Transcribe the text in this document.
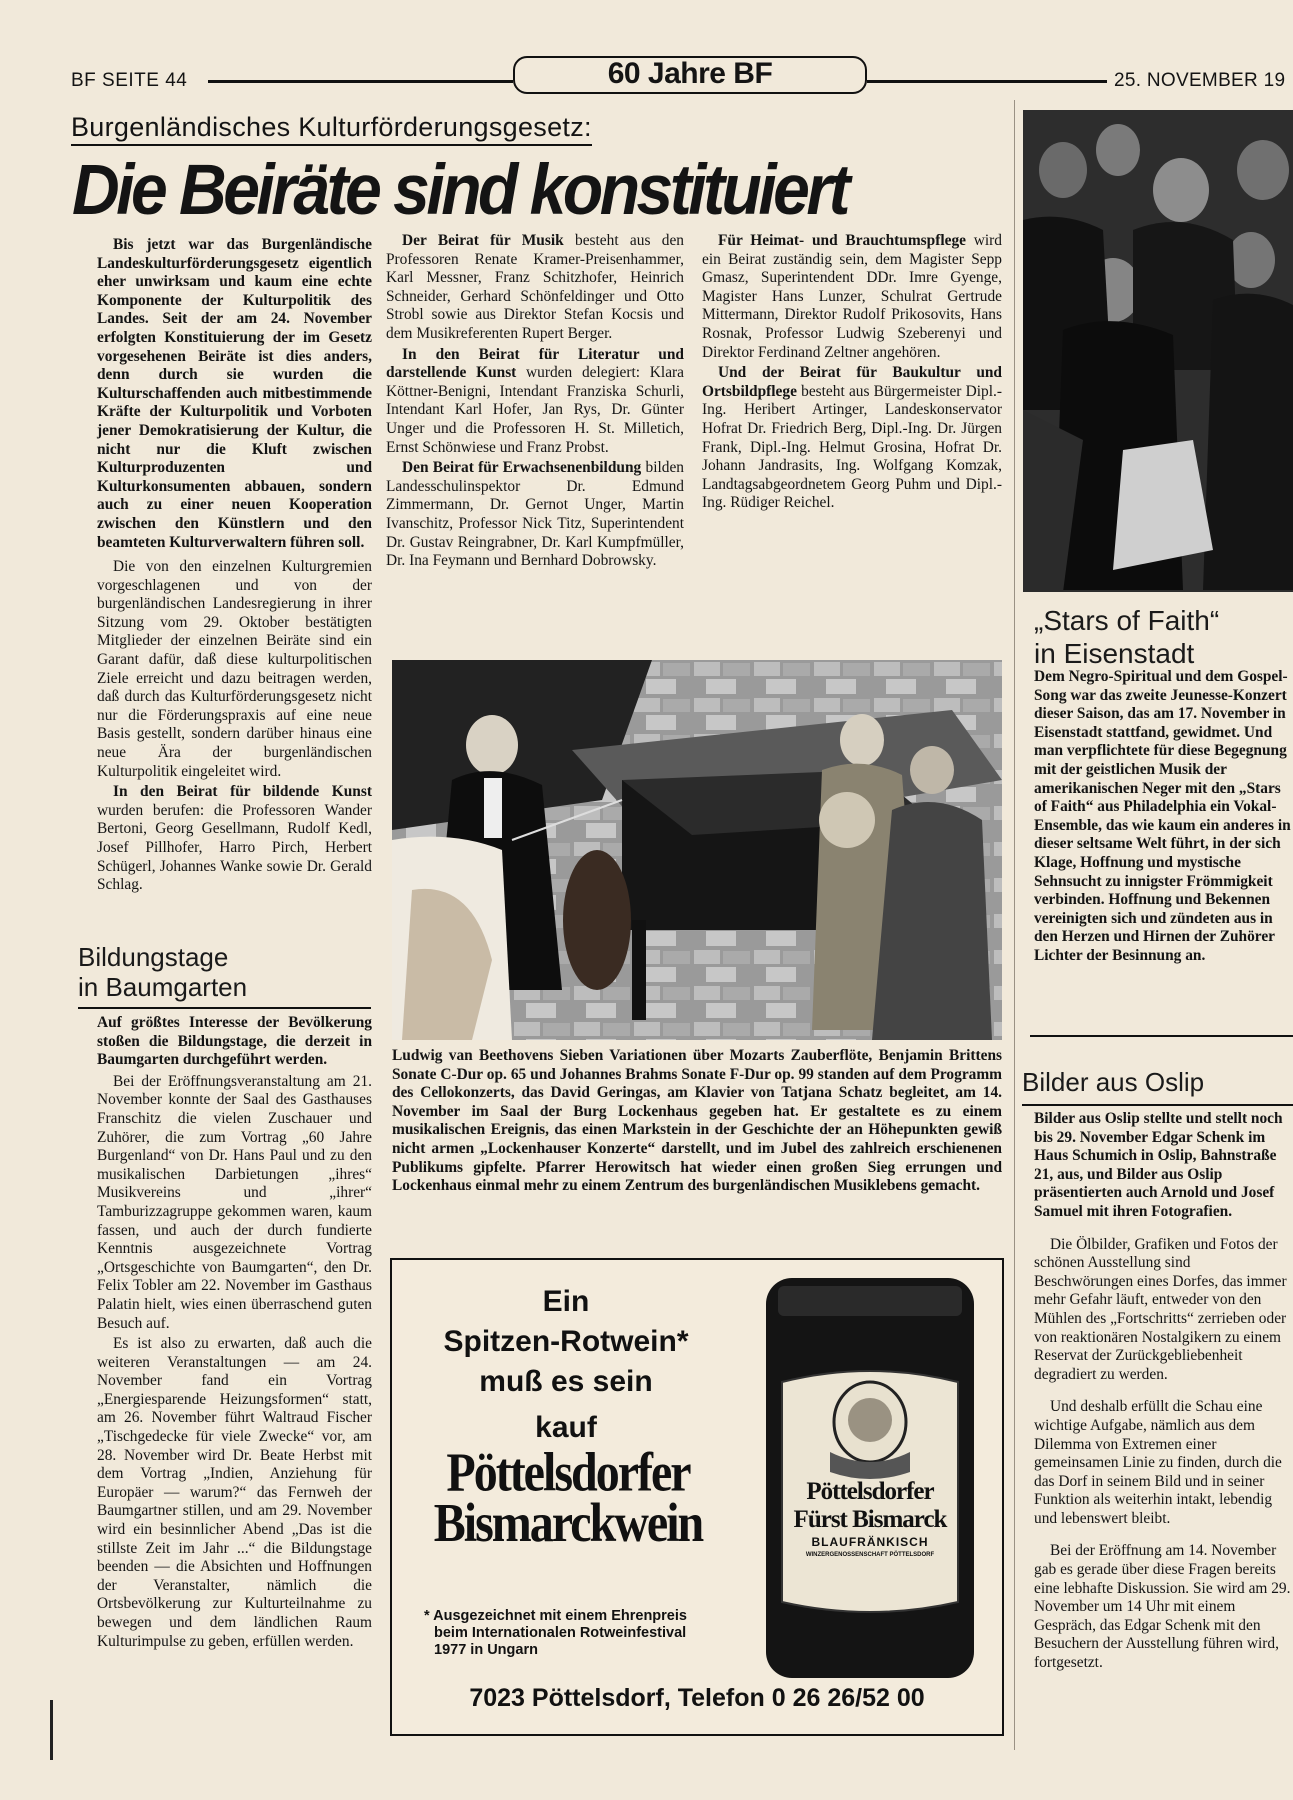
BF SEITE 44	60 Jahre BF	25. NOVEMBER 19
Burgenländisches Kulturförderungsgesetz:
Die Beiräte sind konstituiert

Bis jetzt war das Burgenländische Landeskulturförderungsgesetz eigentlich eher unwirksam und kaum eine echte Komponente der Kulturpolitik des Landes. Seit der am 24. November erfolgten Konstituierung der im Gesetz vorgesehenen Beiräte ist dies anders, denn durch sie wurden die Kulturschaffenden auch mitbestimmende Kräfte der Kulturpolitik und Vorboten jener Demokratisierung der Kultur, die nicht nur die Kluft zwischen Kulturproduzenten und Kulturkonsumenten abbauen, sondern auch zu einer neuen Kooperation zwischen den Künstlern und den beamteten Kulturverwaltern führen soll.

Die von den einzelnen Kulturgremien vorgeschlagenen und von der burgenländischen Landesregierung in ihrer Sitzung vom 29. Oktober bestätigten Mitglieder der einzelnen Beiräte sind ein Garant dafür, daß diese kulturpolitischen Ziele erreicht und dazu beitragen werden, daß durch das Kulturförderungsgesetz nicht nur die Förderungspraxis auf eine neue Basis gestellt, sondern darüber hinaus eine neue Ära der burgenländischen Kulturpolitik eingeleitet wird.

In den Beirat für bildende Kunst wurden berufen: die Professoren Wander Bertoni, Georg Gesellmann, Rudolf Kedl, Josef Pillhofer, Harro Pirch, Herbert Schügerl, Johannes Wanke sowie Dr. Gerald Schlag.

Der Beirat für Musik besteht aus den Professoren Renate Kramer-Preisenhammer, Karl Messner, Franz Schitzhofer, Heinrich Schneider, Gerhard Schönfeldinger und Otto Strobl sowie aus Direktor Stefan Kocsis und dem Musikreferenten Rupert Berger.

In den Beirat für Literatur und darstellende Kunst wurden delegiert: Klara Köttner-Benigni, Intendant Franziska Schurli, Intendant Karl Hofer, Jan Rys, Dr. Günter Unger und die Professoren H. St. Milletich, Ernst Schönwiese und Franz Probst.

Den Beirat für Erwachsenenbildung bilden Landesschulinspektor Dr. Edmund Zimmermann, Dr. Gernot Unger, Martin Ivanschitz, Professor Nick Titz, Superintendent Dr. Gustav Reingrabner, Dr. Karl Kumpfmüller, Dr. Ina Feymann und Bernhard Dobrowsky.

Für Heimat- und Brauchtumspflege wird ein Beirat zuständig sein, dem Magister Sepp Gmasz, Superintendent DDr. Imre Gyenge, Magister Hans Lunzer, Schulrat Gertrude Mittermann, Direktor Rudolf Prikosovits, Hans Rosnak, Professor Ludwig Szeberenyi und Direktor Ferdinand Zeltner angehören.

Und der Beirat für Baukultur und Ortsbildpflege besteht aus Bürgermeister Dipl.-Ing. Heribert Artinger, Landeskonservator Hofrat Dr. Friedrich Berg, Dipl.-Ing. Dr. Jürgen Frank, Dipl.-Ing. Helmut Grosina, Hofrat Dr. Johann Jandrasits, Ing. Wolfgang Komzak, Landtagsabgeordnetem Georg Puhm und Dipl.-Ing. Rüdiger Reichel.

Bildungstage
in Baumgarten

Auf größtes Interesse der Bevölkerung stoßen die Bildungstage, die derzeit in Baumgarten durchgeführt werden.

Bei der Eröffnungsveranstaltung am 21. November konnte der Saal des Gasthauses Franschitz die vielen Zuschauer und Zuhörer, die zum Vortrag „60 Jahre Burgenland“ von Dr. Hans Paul und zu den musikalischen Darbietungen „ihres“ Musikvereins und „ihrer“ Tamburizzagruppe gekommen waren, kaum fassen, und auch der durch fundierte Kenntnis ausgezeichnete Vortrag „Ortsgeschichte von Baumgarten“, den Dr. Felix Tobler am 22. November im Gasthaus Palatin hielt, wies einen überraschend guten Besuch auf.

Es ist also zu erwarten, daß auch die weiteren Veranstaltungen — am 24. November fand ein Vortrag „Energiesparende Heizungsformen“ statt, am 26. November führt Waltraud Fischer „Tischgedecke für viele Zwecke“ vor, am 28. November wird Dr. Beate Herbst mit dem Vortrag „Indien, Anziehung für Europäer — warum?“ das Fernweh der Baumgartner stillen, und am 29. November wird ein besinnlicher Abend „Das ist die stillste Zeit im Jahr ...“ die Bildungstage beenden — die Absichten und Hoffnungen der Veranstalter, nämlich die Ortsbevölkerung zur Kulturteilnahme zu bewegen und dem ländlichen Raum Kulturimpulse zu geben, erfüllen werden.

Ludwig van Beethovens Sieben Variationen über Mozarts Zauberflöte, Benjamin Brittens Sonate C-Dur op. 65 und Johannes Brahms Sonate F-Dur op. 99 standen auf dem Programm des Cellokonzerts, das David Geringas, am Klavier von Tatjana Schatz begleitet, am 14. November im Saal der Burg Lockenhaus gegeben hat. Er gestaltete es zu einem musikalischen Ereignis, das einen Markstein in der Geschichte der an Höhepunkten gewiß nicht armen „Lockenhauser Konzerte“ darstellt, und im Jubel des zahlreich erschienenen Publikums gipfelte. Pfarrer Herowitsch hat wieder einen großen Sieg errungen und Lockenhaus einmal mehr zu einem Zentrum des burgenländischen Musiklebens gemacht.
Ein
Spitzen-Rotwein*
muß es sein
kauf
Pöttelsdorfer
Bismarckwein
* Ausgezeichnet mit einem Ehrenpreis
beim Internationalen Rotweinfestival
1977 in Ungarn
7023 Pöttelsdorf, Telefon 0 26 26/52 00
Pöttelsdorfer
Fürst Bismarck
BLAUFRÄNKISCH
WINZERGENOSSENSCHAFT PÖTTELSDORF
„Stars of Faith“
in Eisenstadt

Dem Negro-Spiritual und dem Gospel-Song war das zweite Jeunesse-Konzert dieser Saison, das am 17. November in Eisenstadt stattfand, gewidmet. Und man verpflichtete für diese Begegnung mit der geistlichen Musik der amerikanischen Neger mit den „Stars of Faith“ aus Philadelphia ein Vokal-Ensemble, das wie kaum ein anderes in dieser seltsame Welt führt, in der sich Klage, Hoffnung und mystische Sehnsucht zu innigster Frömmigkeit verbinden. Hoffnung und Bekennen vereinigten sich und zündeten aus in den Herzen und Hirnen der Zuhörer Lichter der Besinnung an.

Bilder aus Oslip

Bilder aus Oslip stellte und stellt noch bis 29. November Edgar Schenk im Haus Schumich in Oslip, Bahnstraße 21, aus, und Bilder aus Oslip präsentierten auch Arnold und Josef Samuel mit ihren Fotografien.

Die Ölbilder, Grafiken und Fotos der schönen Ausstellung sind Beschwörungen eines Dorfes, das immer mehr Gefahr läuft, entweder von den Mühlen des „Fortschritts“ zerrieben oder von reaktionären Nostalgikern zu einem Reservat der Zurückgebliebenheit degradiert zu werden.

Und deshalb erfüllt die Schau eine wichtige Aufgabe, nämlich aus dem Dilemma von Extremen einer gemeinsamen Linie zu finden, durch die das Dorf in seinem Bild und in seiner Funktion als weiterhin intakt, lebendig und lebenswert bleibt.

Bei der Eröffnung am 14. November gab es gerade über diese Fragen bereits eine lebhafte Diskussion. Sie wird am 29. November um 14 Uhr mit einem Gespräch, das Edgar Schenk mit den Besuchern der Ausstellung führen wird, fortgesetzt.
